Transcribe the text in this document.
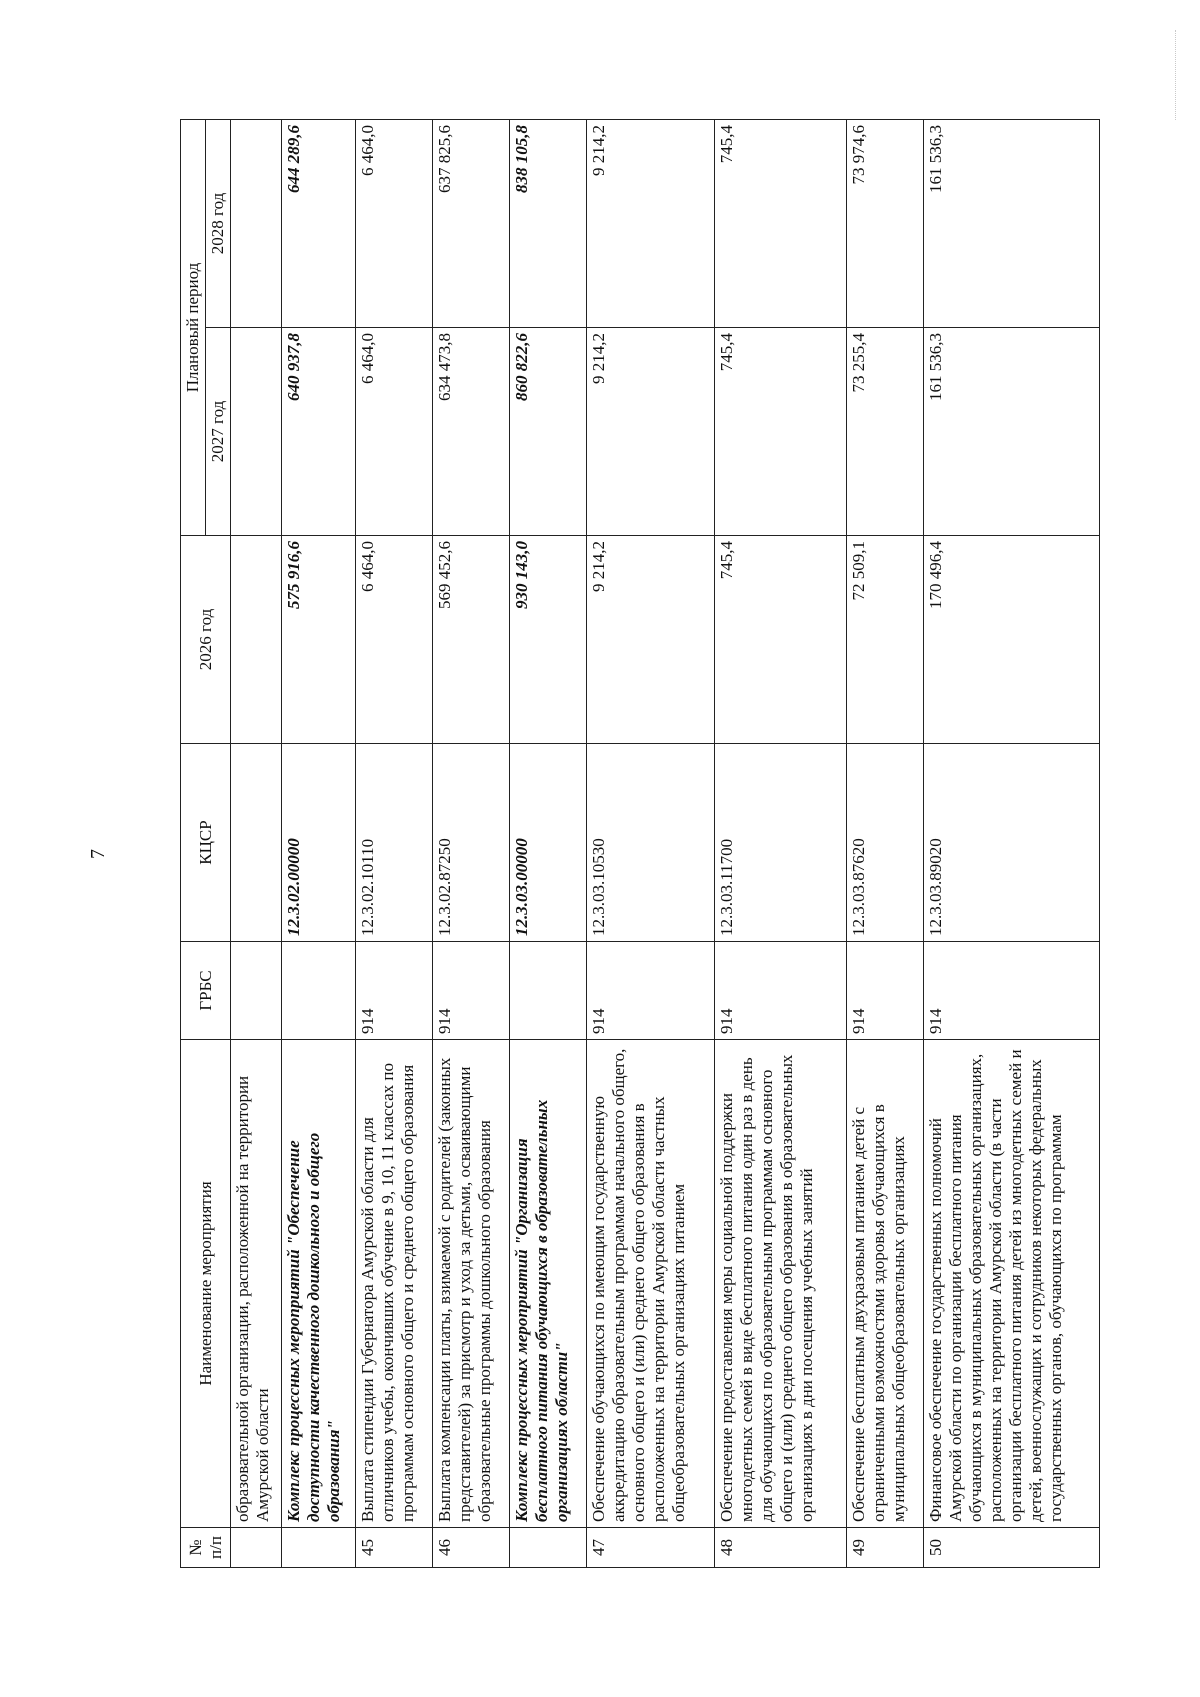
7
№ п/п	Наименование мероприятия	ГРБС	КЦСР	2026 год	Плановый период	
					2027 год	2028 год
	образовательной организации, расположенной на территории Амурской области					
	Комплекс процессных мероприятий "Обеспечение доступности качественного дошкольного и общего образования"		12.3.02.00000	575 916,6	640 937,8	644 289,6
45	Выплата стипендии Губернатора Амурской области для отличников учебы, окончивших обучение в 9, 10, 11 классах по программам основного общего и среднего общего образования	914	12.3.02.10110	6 464,0	6 464,0	6 464,0
46	Выплата компенсации платы, взимаемой с родителей (законных представителей) за присмотр и уход за детьми, осваивающими образовательные программы дошкольного образования	914	12.3.02.87250	569 452,6	634 473,8	637 825,6
	Комплекс процессных мероприятий "Организация бесплатного питания обучающихся в образовательных организациях области"		12.3.03.00000	930 143,0	860 822,6	838 105,8
47	Обеспечение обучающихся по имеющим государственную аккредитацию образовательным программам начального общего, основного общего и (или) среднего общего образования в расположенных на территории Амурской области частных общеобразовательных организациях питанием	914	12.3.03.10530	9 214,2	9 214,2	9 214,2
48	Обеспечение предоставления меры социальной поддержки многодетных семей в виде бесплатного питания один раз в день для обучающихся по образовательным программам основного общего и (или) среднего общего образования в образовательных организациях в дни посещения учебных занятий	914	12.3.03.11700	745,4	745,4	745,4
49	Обеспечение бесплатным двухразовым питанием детей с ограниченными возможностями здоровья обучающихся в муниципальных общеобразовательных организациях	914	12.3.03.87620	72 509,1	73 255,4	73 974,6
50	Финансовое обеспечение государственных полномочий Амурской области по организации бесплатного питания обучающихся в муниципальных образовательных организациях, расположенных на территории Амурской области (в части организации бесплатного питания детей из многодетных семей и детей, военнослужащих и сотрудников некоторых федеральных государственных органов, обучающихся по программам	914	12.3.03.89020	170 496,4	161 536,3	161 536,3
